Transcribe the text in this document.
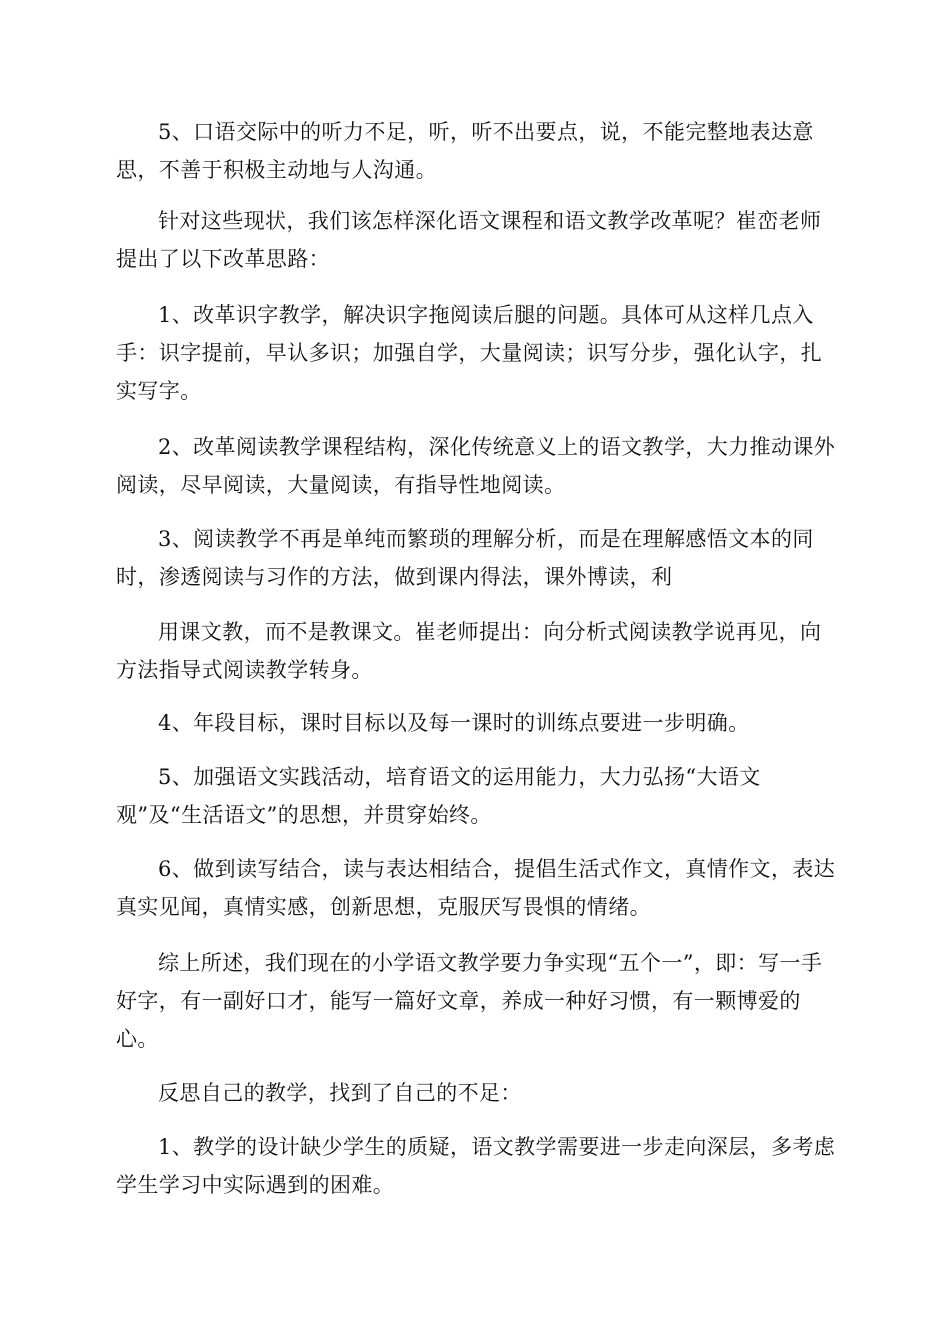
5、口语交际中的听力不足，听，听不出要点，说，不能完整地表达意思，不善于积极主动地与人沟通。

针对这些现状，我们该怎样深化语文课程和语文教学改革呢？崔峦老师提出了以下改革思路：

1、改革识字教学，解决识字拖阅读后腿的问题。具体可从这样几点入手：识字提前，早认多识；加强自学，大量阅读；识写分步，强化认字，扎实写字。

2、改革阅读教学课程结构，深化传统意义上的语文教学，大力推动课外阅读，尽早阅读，大量阅读，有指导性地阅读。

3、阅读教学不再是单纯而繁琐的理解分析，而是在理解感悟文本的同时，渗透阅读与习作的方法，做到课内得法，课外博读，利

用课文教，而不是教课文。崔老师提出：向分析式阅读教学说再见，向方法指导式阅读教学转身。

4、年段目标，课时目标以及每一课时的训练点要进一步明确。

5、加强语文实践活动，培育语文的运用能力，大力弘扬“大语文观”及“生活语文”的思想，并贯穿始终。

6、做到读写结合，读与表达相结合，提倡生活式作文，真情作文，表达真实见闻，真情实感，创新思想，克服厌写畏惧的情绪。

综上所述，我们现在的小学语文教学要力争实现“五个一”，即：写一手好字，有一副好口才，能写一篇好文章，养成一种好习惯，有一颗博爱的心。

反思自己的教学，找到了自己的不足：

1、教学的设计缺少学生的质疑，语文教学需要进一步走向深层，多考虑学生学习中实际遇到的困难。
